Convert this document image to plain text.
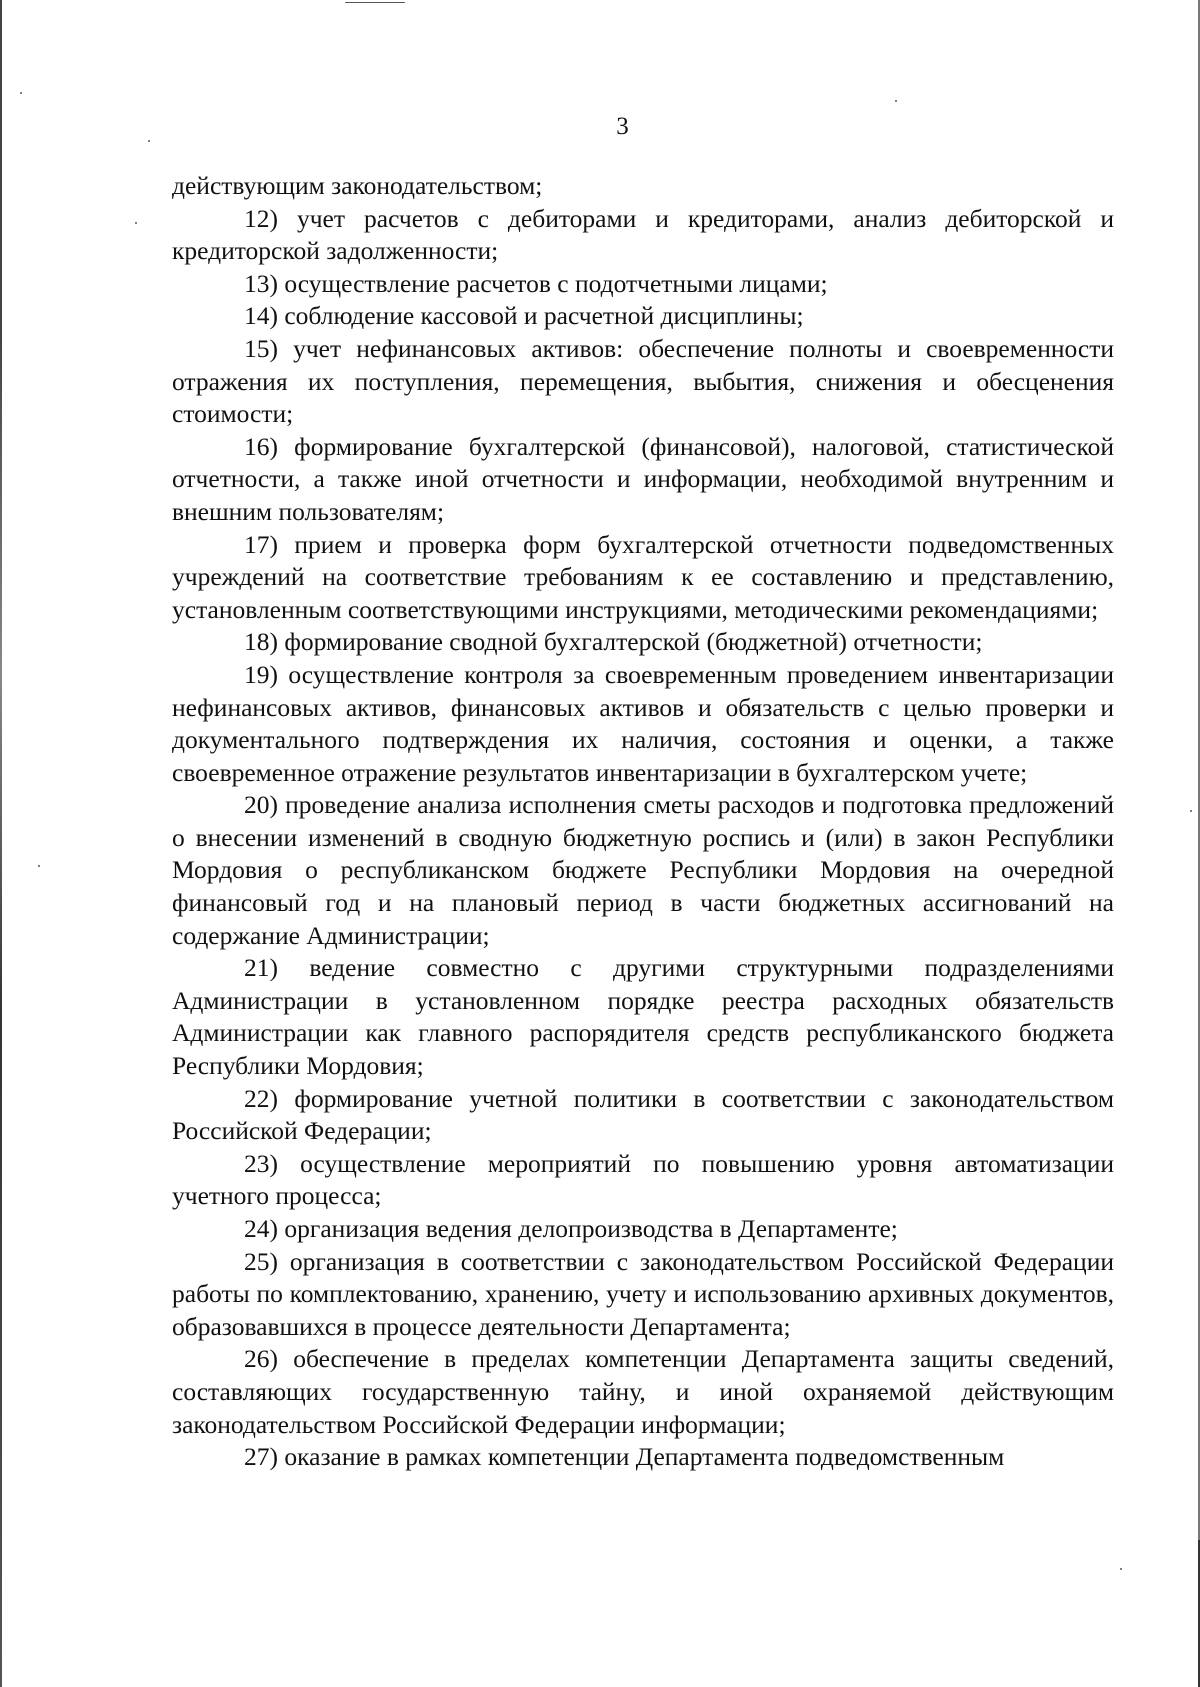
3

действующим законодательством;

12) учет расчетов с дебиторами и кредиторами, анализ дебиторской и кредиторской задолженности;

13) осуществление расчетов с подотчетными лицами;

14) соблюдение кассовой и расчетной дисциплины;

15) учет нефинансовых активов: обеспечение полноты и своевременности отражения их поступления, перемещения, выбытия, снижения и обесценения стоимости;

16) формирование бухгалтерской (финансовой), налоговой, статистической отчетности, а также иной отчетности и информации, необходимой внутренним и внешним пользователям;

17) прием и проверка форм бухгалтерской отчетности подведомственных учреждений на соответствие требованиям к ее составлению и представлению, установленным соответствующими инструкциями, методическими рекомендациями;

18) формирование сводной бухгалтерской (бюджетной) отчетности;

19) осуществление контроля за своевременным проведением инвентаризации нефинансовых активов, финансовых активов и обязательств с целью проверки и документального подтверждения их наличия, состояния и оценки, а также своевременное отражение результатов инвентаризации в бухгалтерском учете;

20) проведение анализа исполнения сметы расходов и подготовка предложений о внесении изменений в сводную бюджетную роспись и (или) в закон Республики Мордовия о республиканском бюджете Республики Мордовия на очередной финансовый год и на плановый период в части бюджетных ассигнований на содержание Администрации;

21) ведение совместно с другими структурными подразделениями Администрации в установленном порядке реестра расходных обязательств Администрации как главного распорядителя средств республиканского бюджета Республики Мордовия;

22) формирование учетной политики в соответствии с законодательством Российской Федерации;

23) осуществление мероприятий по повышению уровня автоматизации учетного процесса;

24) организация ведения делопроизводства в Департаменте;

25) организация в соответствии с законодательством Российской Федерации работы по комплектованию, хранению, учету и использованию архивных документов, образовавшихся в процессе деятельности Департамента;

26) обеспечение в пределах компетенции Департамента защиты сведений, составляющих государственную тайну, и иной охраняемой действующим законодательством Российской Федерации информации;

27) оказание в рамках компетенции Департамента подведомственным
